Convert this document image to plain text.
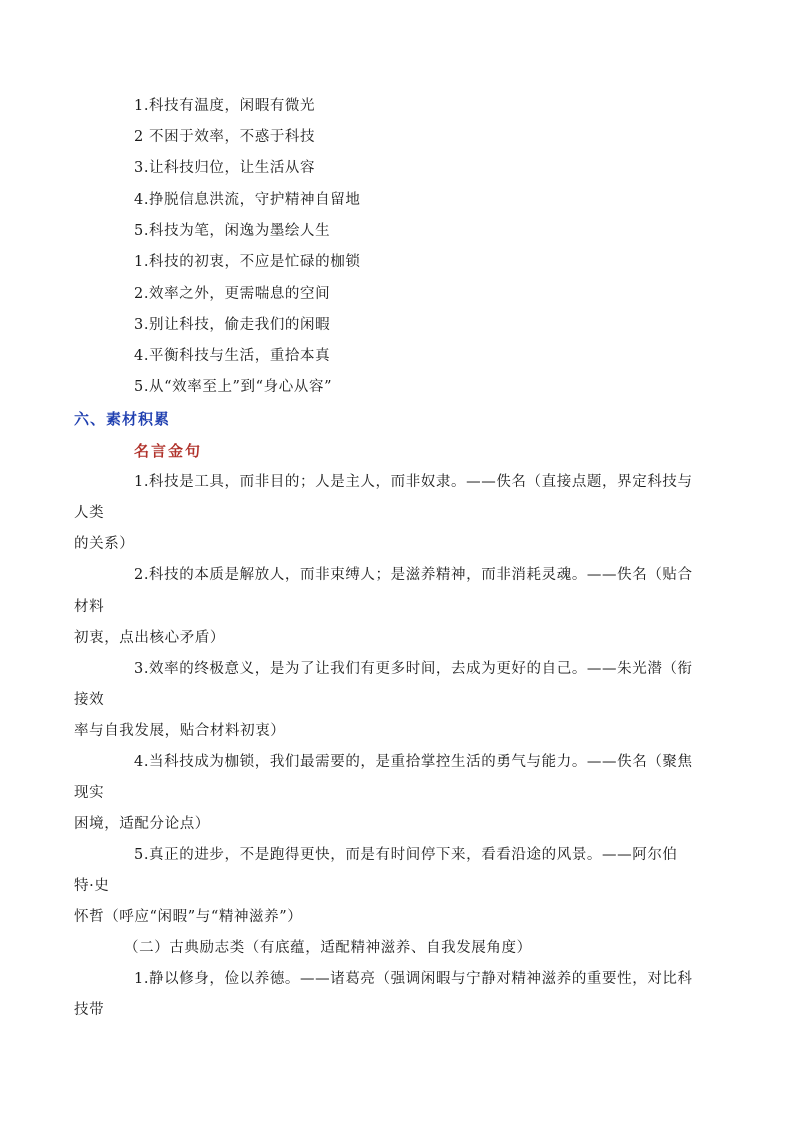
1.科技有温度，闲暇有微光
2 不困于效率，不惑于科技
3.让科技归位，让生活从容
4.挣脱信息洪流，守护精神自留地
5.科技为笔，闲逸为墨绘人生
1.科技的初衷，不应是忙碌的枷锁
2.效率之外，更需喘息的空间
3.别让科技，偷走我们的闲暇
4.平衡科技与生活，重拾本真
5.从“效率至上”到“身心从容”
六、素材积累
名言金句
1.科技是工具，而非目的；人是主人，而非奴隶。——佚名（直接点题，界定科技与
人类
的关系）
2.科技的本质是解放人，而非束缚人；是滋养精神，而非消耗灵魂。——佚名（贴合
材料
初衷，点出核心矛盾）
3.效率的终极意义，是为了让我们有更多时间，去成为更好的自己。——朱光潜（衔
接效
率与自我发展，贴合材料初衷）
4.当科技成为枷锁，我们最需要的，是重拾掌控生活的勇气与能力。——佚名（聚焦
现实
困境，适配分论点）
5.真正的进步，不是跑得更快，而是有时间停下来，看看沿途的风景。——阿尔伯
特·史
怀哲（呼应“闲暇”与“精神滋养”）
（二）古典励志类（有底蕴，适配精神滋养、自我发展角度）
1.静以修身，俭以养德。——诸葛亮（强调闲暇与宁静对精神滋养的重要性，对比科
技带
